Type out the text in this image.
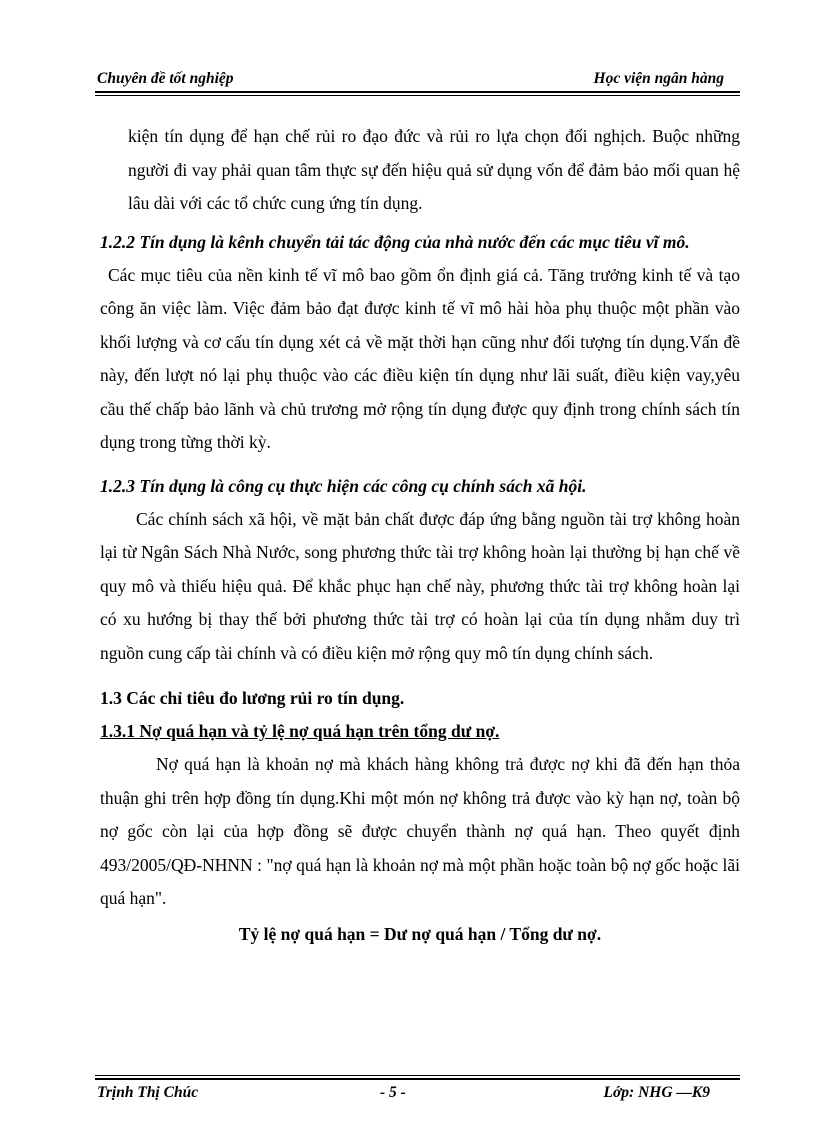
Chuyên đề tốt nghiệp	Học viện ngân hàng

kiện tín dụng để hạn chế rủi ro đạo đức và rủi ro lựa chọn đối nghịch. Buộc những người đi vay phải quan tâm thực sự đến hiệu quả sử dụng vốn để đảm bảo mối quan hệ lâu dài với các tổ chức cung ứng tín dụng.

1.2.2 Tín dụng là kênh chuyển tải tác động của nhà nước đến các mục tiêu vĩ mô.

Các mục tiêu của nền kinh tế vĩ mô bao gồm ổn định giá cả. Tăng trưởng kinh tế và tạo công ăn việc làm. Việc đảm bảo đạt được kinh tế vĩ mô hài hòa phụ thuộc một phần vào khối lượng và cơ cấu tín dụng xét cả về mặt thời hạn cũng như đối tượng tín dụng.Vấn đề này, đến lượt nó lại phụ thuộc vào các điều kiện tín dụng như lãi suất, điều kiện vay,yêu cầu thế chấp bảo lãnh và chủ trương mở rộng tín dụng được quy định trong chính sách tín dụng trong từng thời kỳ.

1.2.3 Tín dụng là công cụ thực hiện các công cụ chính sách xã hội.

Các chính sách xã hội, về mặt bản chất được đáp ứng bằng nguồn tài trợ không hoàn lại từ Ngân Sách Nhà Nước, song phương thức tài trợ không hoàn lại thường bị hạn chế về quy mô và thiếu hiệu quả. Để khắc phục hạn chế này, phương thức tài trợ không hoàn lại có xu hướng bị thay thế bởi phương thức tài trợ có hoàn lại của tín dụng nhằm duy trì nguồn cung cấp tài chính và có điều kiện mở rộng quy mô tín dụng chính sách.

1.3 Các chỉ tiêu đo lương rủi ro tín dụng.
1.3.1 Nợ quá hạn và tỷ lệ nợ quá hạn trên tổng dư nợ.

Nợ quá hạn là khoản nợ mà khách hàng không trả được nợ khi đã đến hạn thỏa thuận ghi trên hợp đồng tín dụng.Khi một món nợ không trả được vào kỳ hạn nợ, toàn bộ nợ gốc còn lại của hợp đồng sẽ được chuyển thành nợ quá hạn. Theo quyết định 493/2005/QĐ-NHNN : "nợ quá hạn là khoản nợ mà một phần hoặc toàn bộ nợ gốc hoặc lãi quá hạn".

Tỷ lệ nợ quá hạn = Dư nợ quá hạn / Tổng dư nợ.
Trịnh Thị Chúc	- 5 -	Lớp: NHG —K9
